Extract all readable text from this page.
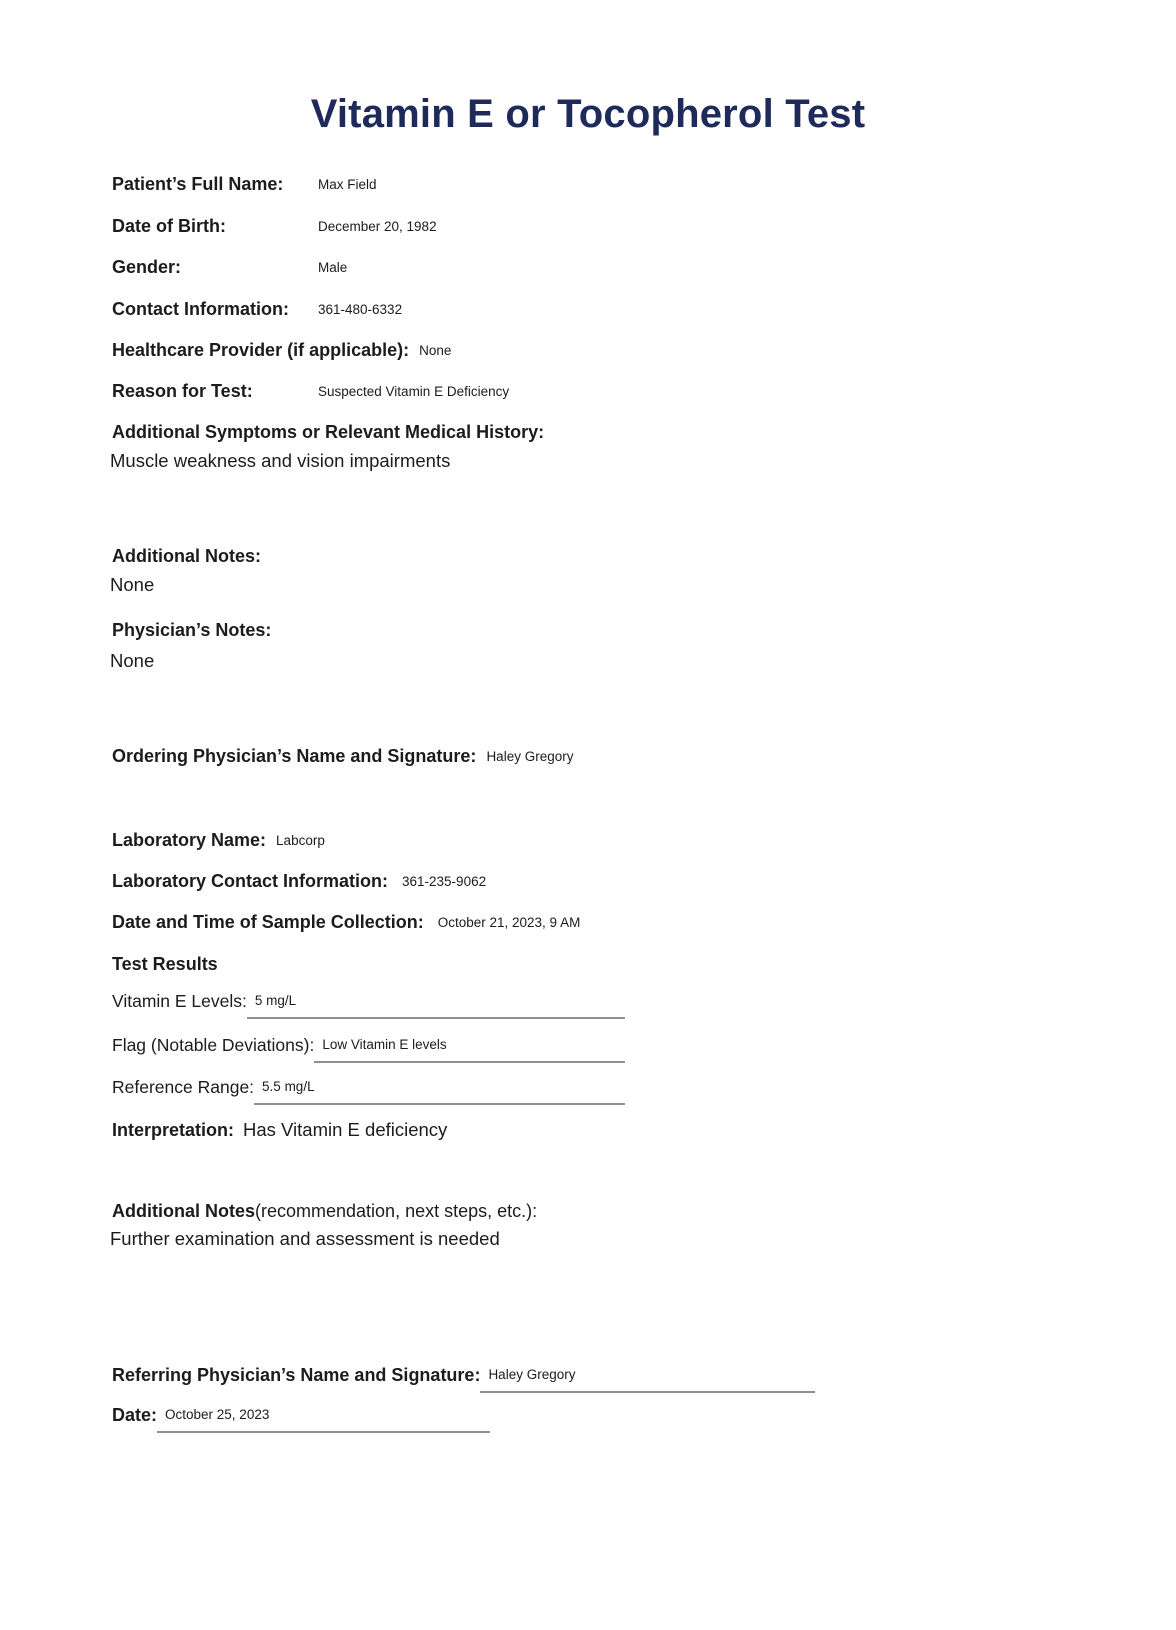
Vitamin E or Tocopherol Test
Patient’s Full Name:	Max Field
Date of Birth:	December 20, 1982
Gender:	Male
Contact Information:	361-480-6332
Healthcare Provider (if applicable): None
Reason for Test:	Suspected Vitamin E Deficiency
Additional Symptoms or Relevant Medical History:
Muscle weakness and vision impairments
Additional Notes:
None
Physician’s Notes:
None
Ordering Physician’s Name and Signature: Haley Gregory
Laboratory Name: Labcorp
Laboratory Contact Information: 361-235-9062
Date and Time of Sample Collection: October 21, 2023, 9 AM
Test Results
Vitamin E Levels: 5 mg/L
Flag (Notable Deviations): Low Vitamin E levels
Reference Range: 5.5 mg/L
Interpretation: Has Vitamin E deficiency
Additional Notes (recommendation, next steps, etc.):
Further examination and assessment is needed
Referring Physician’s Name and Signature: Haley Gregory
Date: October 25, 2023
